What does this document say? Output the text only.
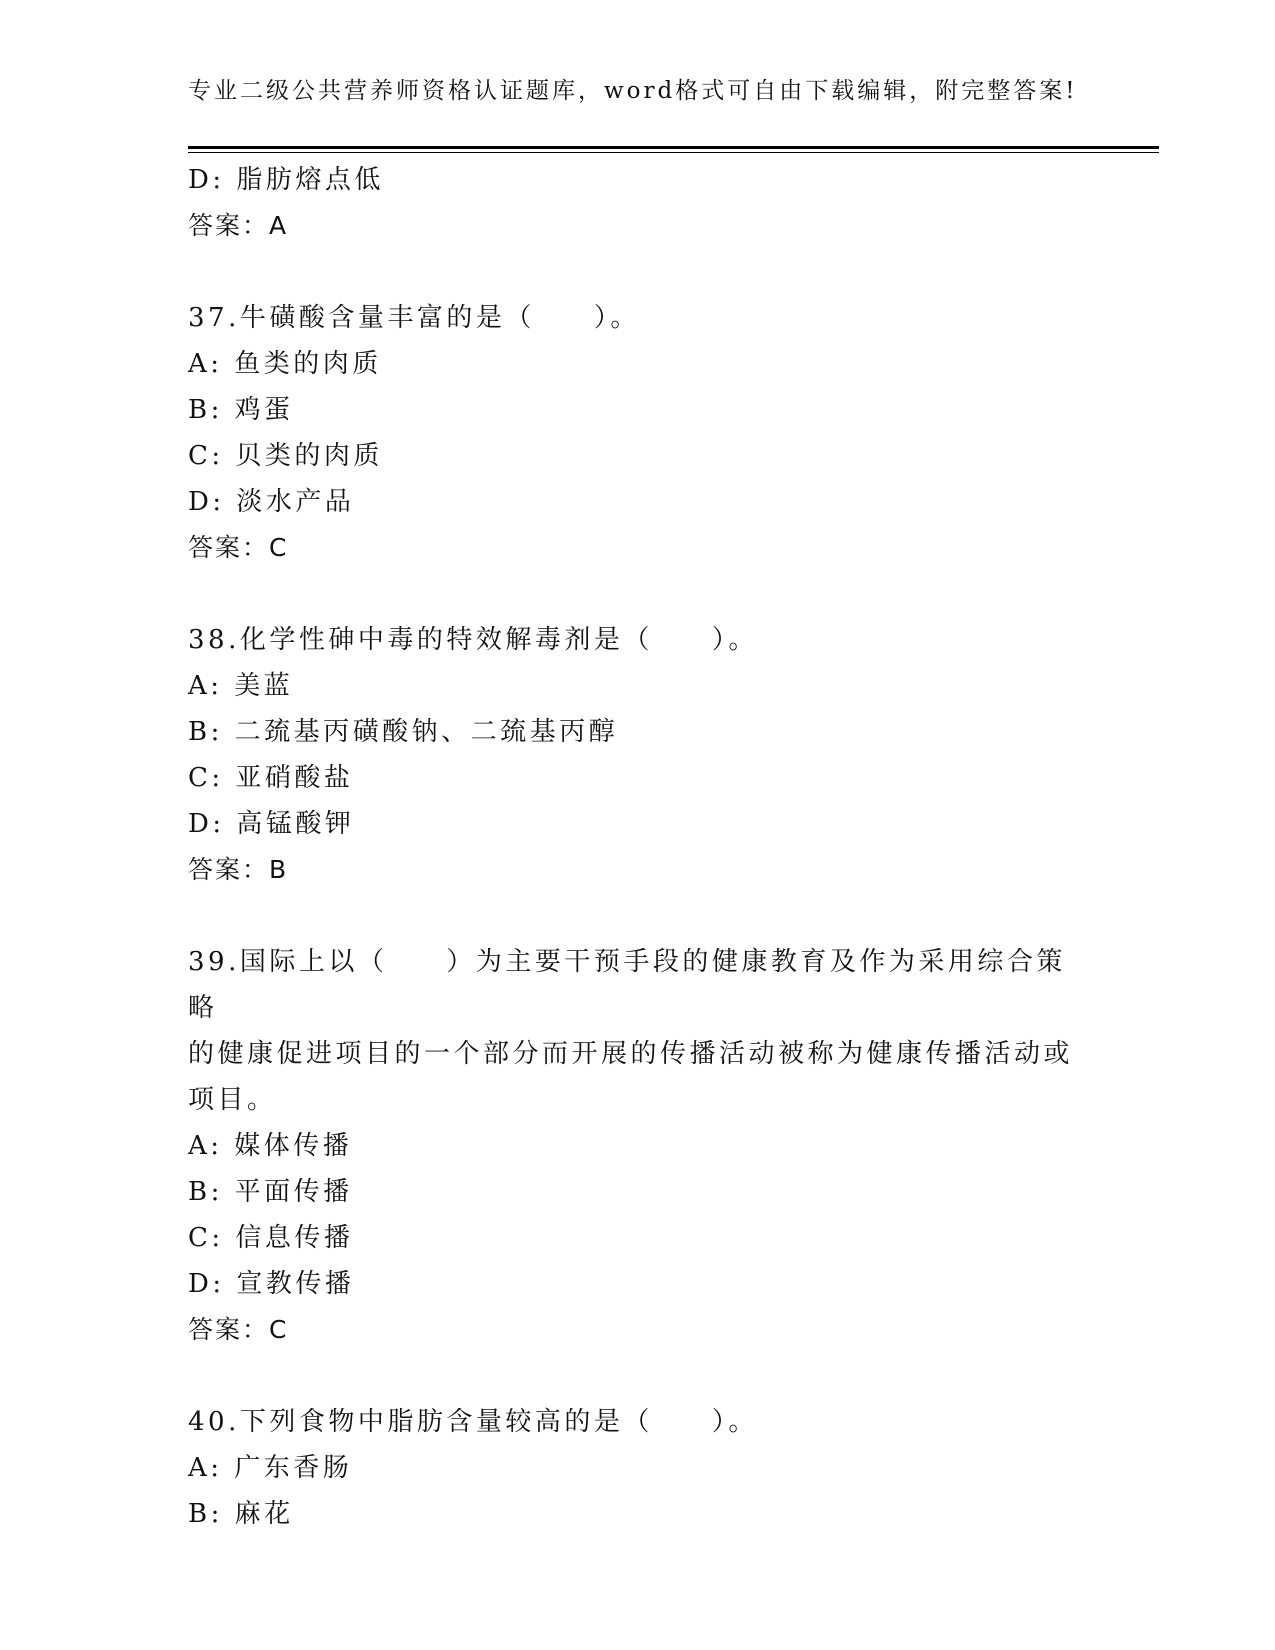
专业二级公共营养师资格认证题库，word格式可自由下载编辑，附完整答案!
D: 脂肪熔点低
答案：A
37.牛磺酸含量丰富的是（　　）。
A: 鱼类的肉质
B: 鸡蛋
C: 贝类的肉质
D: 淡水产品
答案：C
38.化学性砷中毒的特效解毒剂是（　　）。
A: 美蓝
B: 二巯基丙磺酸钠、二巯基丙醇
C: 亚硝酸盐
D: 高锰酸钾
答案：B
39.国际上以（　　）为主要干预手段的健康教育及作为采用综合策略
的健康促进项目的一个部分而开展的传播活动被称为健康传播活动或
项目。
A: 媒体传播
B: 平面传播
C: 信息传播
D: 宣教传播
答案：C
40.下列食物中脂肪含量较高的是（　　）。
A: 广东香肠
B: 麻花
